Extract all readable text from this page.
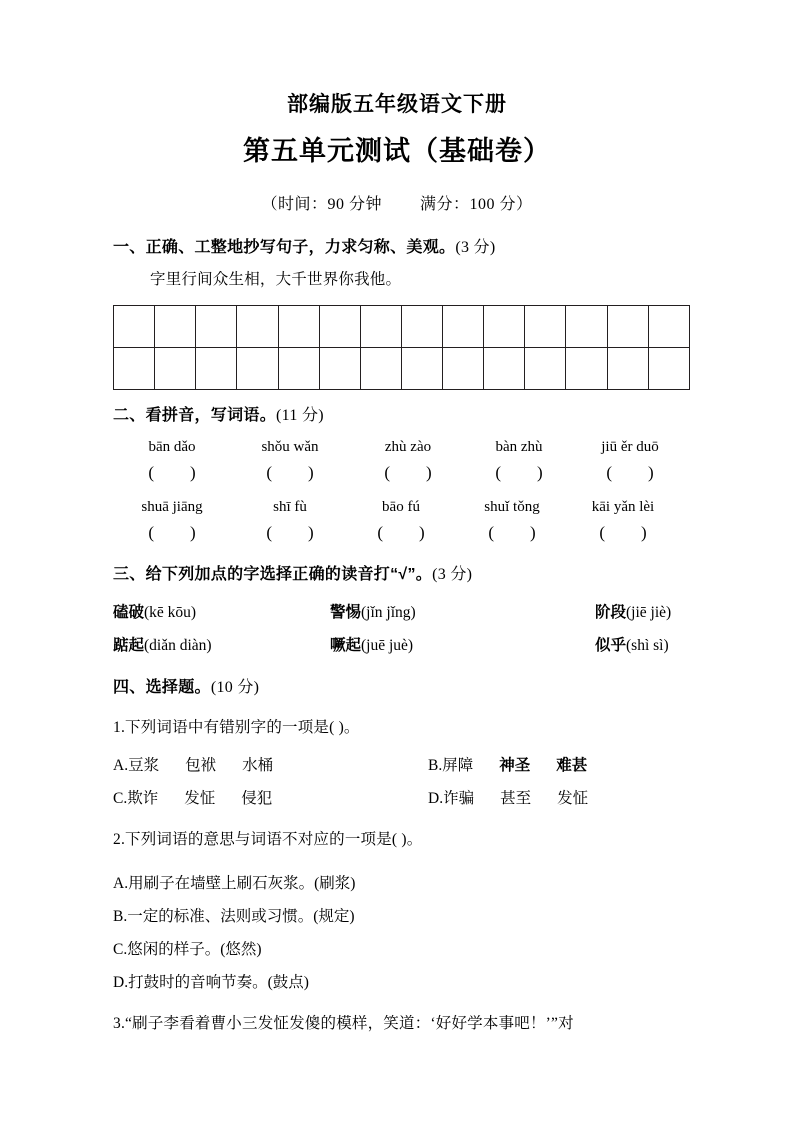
部编版五年级语文下册
第五单元测试（基础卷）

（时间：90 分钟 满分：100 分）

一、正确、工整地抄写句子，力求匀称、美观。(3 分)

字里行间众生相，大千世界你我他。

二、看拼音，写词语。(11 分)

bān dǎo	shǒu wǎn	zhù zào	bàn zhù	jiū ěr duō
( )	( )	( )	( )	( )
shuā jiāng	shī fù	bāo fú	shuǐ tǒng	kāi yǎn lèi
( )	( )	( )	( )	( )

三、给下列加点的字选择正确的读音打“√”。(3 分)

磕破(kē kōu)	警惕(jǐn jǐng)	阶段(jiē jiè)
踮起(diǎn diàn)	噘起(juē juè)	似乎(shì sì)

四、选择题。(10 分)

1.下列词语中有错别字的一项是( )。

A.豆浆 包袱 水桶	B.屏障 神圣 难甚
C.欺诈 发怔 侵犯	D.诈骗 甚至 发怔

2.下列词语的意思与词语不对应的一项是( )。

A.用刷子在墙壁上刷石灰浆。(刷浆)

B.一定的标准、法则或习惯。(规定)

C.悠闲的样子。(悠然)

D.打鼓时的音响节奏。(鼓点)

3.“刷子李看着曹小三发怔发傻的模样，笑道：‘好好学本事吧！’”对
